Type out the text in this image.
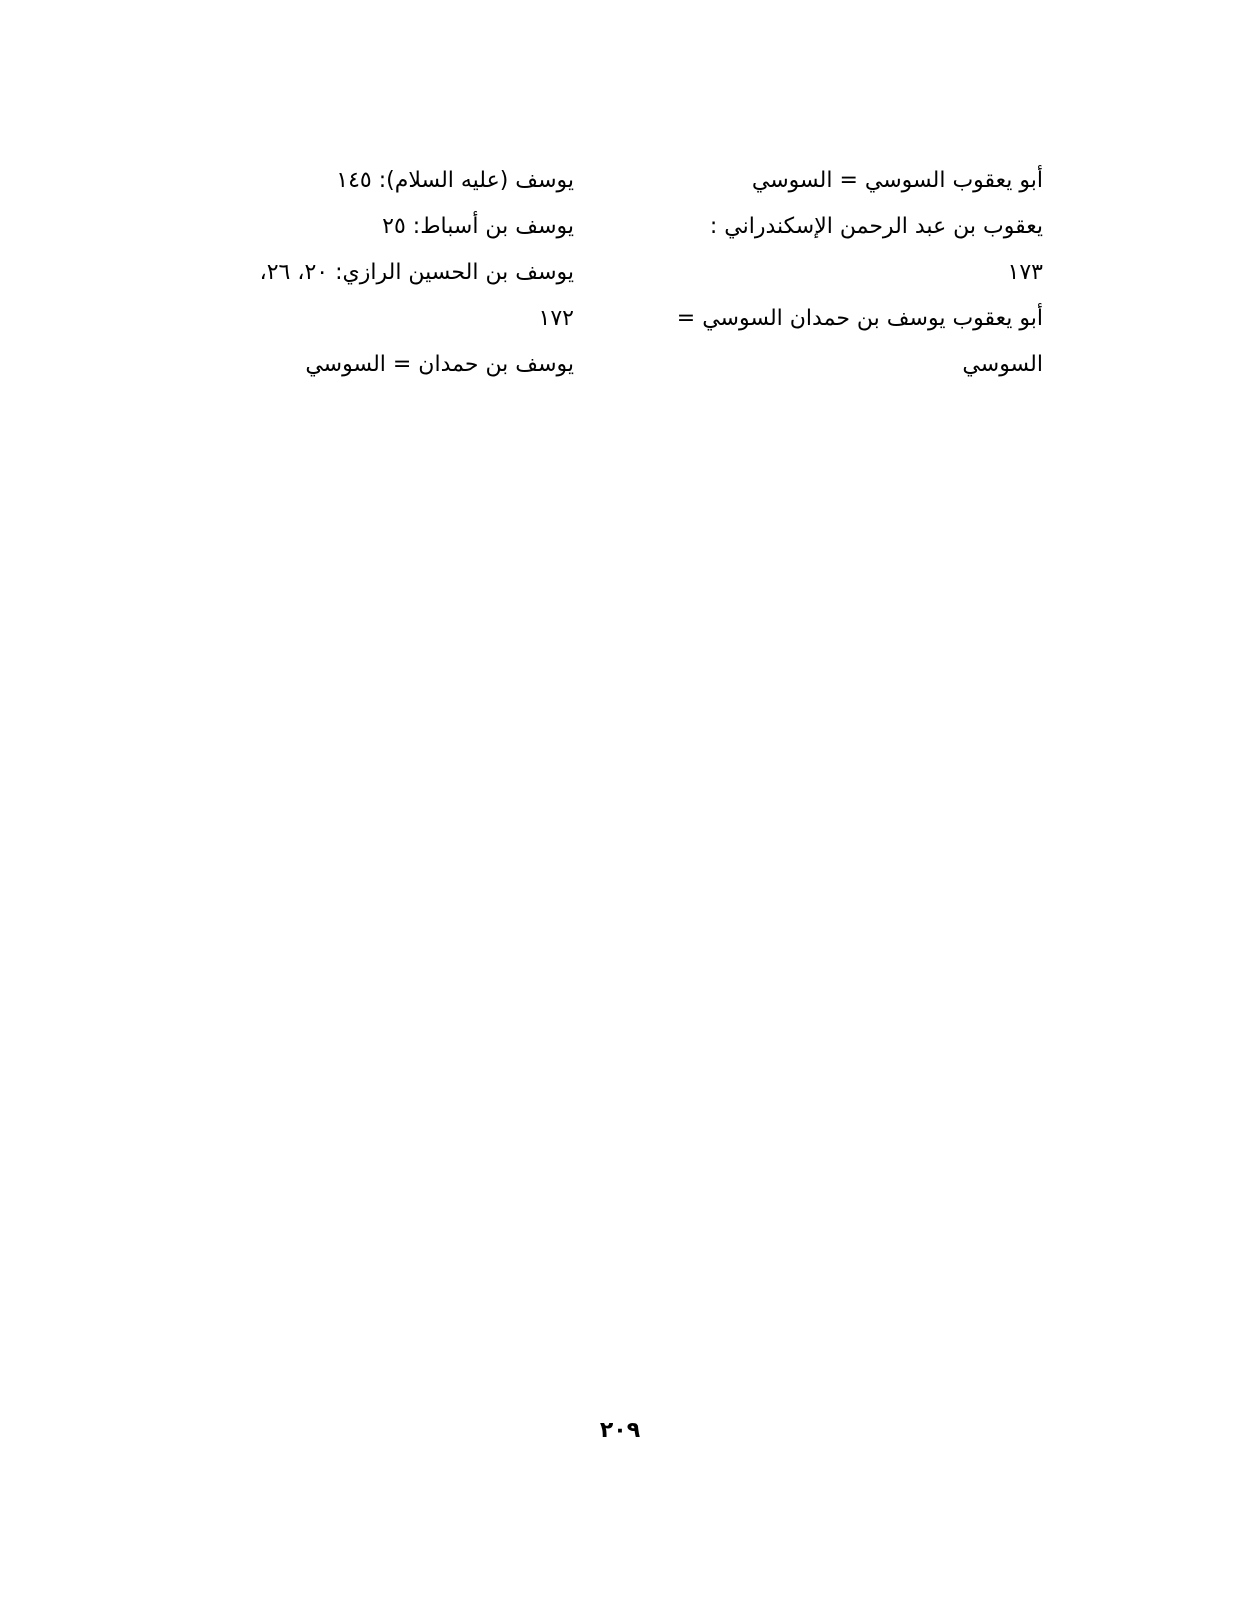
أبو يعقوب السوسي = السوسي
يعقوب بن عبد الرحمن الإسكندراني :
١٧٣
أبو يعقوب يوسف بن حمدان السوسي =
السوسي
يوسف (عليه السلام): ١٤٥
يوسف بن أسباط: ٢٥
يوسف بن الحسين الرازي: ٢٠، ٢٦،
١٧٢
يوسف بن حمدان = السوسي
٢٠٩
